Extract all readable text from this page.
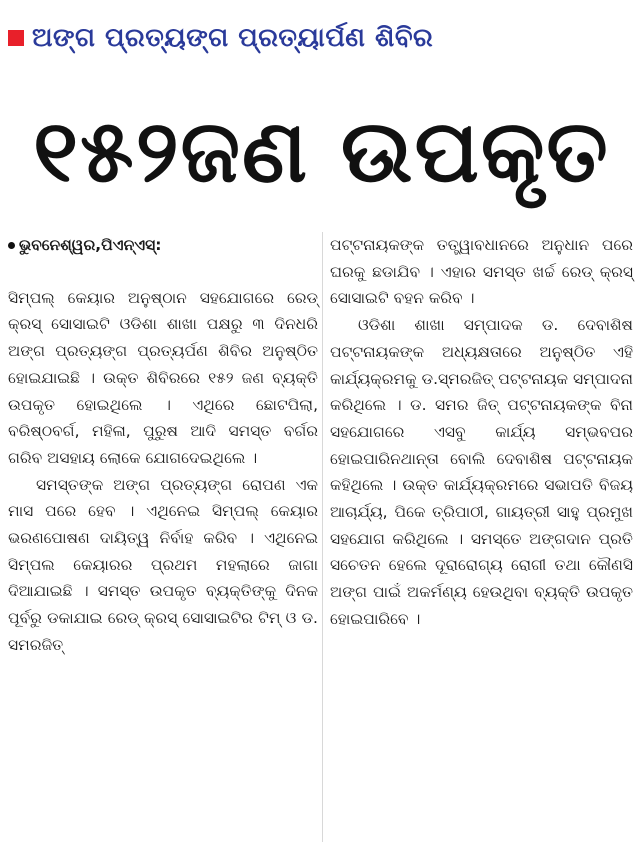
ଅଙ୍ଗ ପ୍ରତ୍ୟଙ୍ଗ ପ୍ରତ୍ୟାର୍ପଣ ଶିବିର
୧୫୨ଜଣ ଉପକୃତ

ଭୁବନେଶ୍ୱର,ପିଏନ୍ଏସ୍:

ସିମ୍ପଲ୍ କେୟାର ଅନୁଷ୍ଠାନ ସହଯୋଗରେ ରେଡ୍ କ୍ରସ୍ ସୋସାଇଟି ଓଡିଶା ଶାଖା ପକ୍ଷରୁ ୩ ଦିନଧରି ଅଙ୍ଗ ପ୍ରତ୍ୟଙ୍ଗ ପ୍ରତ୍ୟର୍ପଣ ଶିବିର ଅନୁଷ୍ଠିତ ହୋଇଯାଇଛି । ଉକ୍ତ ଶିବିରରେ ୧୫୨ ଜଣ ବ୍ୟକ୍ତି ଉପକୃତ ହୋଇଥିଲେ । ଏଥିରେ ଛୋଟପିଲା, ବରିଷ୍ଠବର୍ଗ, ମହିଳା, ପୁରୁଷ ଆଦି ସମସ୍ତ ବର୍ଗର ଗରିବ ଅସହାୟ ଲୋକେ ଯୋଗଦେଇଥିଲେ ।

ସମସ୍ତଙ୍କ ଅଙ୍ଗ ପ୍ରତ୍ୟଙ୍ଗ ରୋପଣ ଏକ ମାସ ପରେ ହେବ । ଏଥିନେଇ ସିମ୍ପଲ୍ କେୟାର ଭରଣପୋଷଣ ଦାୟିତ୍ୱ ନିର୍ବାହ କରିବ । ଏଥିନେଇ ସିମ୍ପଲ କେୟାରର ପ୍ରଥମ ମହଲାରେ ଜାଗା ଦିଆଯାଇଛି । ସମସ୍ତ ଉପକୃତ ବ୍ୟକ୍ତିଙ୍କୁ ଦିନକ ପୂର୍ବରୁ ଡକାଯାଇ ରେଡ୍ କ୍ରସ୍ ସୋସାଇଟିର ଟିମ୍ ଓ ଡ. ସମରଜିତ୍

ପଟ୍ଟନାୟକଙ୍କ ତତ୍ତ୍ୱାବଧାନରେ ଅନୁଧାନ ପରେ ଘରକୁ ଛଡାଯିବ । ଏହାର ସମସ୍ତ ଖର୍ଚ୍ଚ ରେଡ୍ କ୍ରସ୍ ସୋସାଇଟି ବହନ କରିବ ।

ଓଡିଶା ଶାଖା ସମ୍ପାଦକ ଡ. ଦେବାଶିଷ ପଟ୍ଟନାୟକଙ୍କ ଅଧ୍ୟକ୍ଷତାରେ ଅନୁଷ୍ଠିତ ଏହି କାର୍ଯ୍ୟକ୍ରମକୁ ଡ.ସ୍ମରଜିତ୍ ପଟ୍ଟନାୟକ ସମ୍ପାଦନା କରିଥିଲେ । ଡ. ସମର ଜିତ୍ ପଟ୍ଟନାୟକଙ୍କ ବିନା ସହଯୋଗରେ ଏସବୁ କାର୍ଯ୍ୟ ସମ୍ଭବପର ହୋଇପାରିନଥାନ୍ତା ବୋଲି ଦେବାଶିଷ ପଟ୍ଟନାୟକ କହିଥିଲେ । ଉକ୍ତ କାର୍ଯ୍ୟକ୍ରମରେ ସଭାପତି ବିଜୟ ଆଚାର୍ଯ୍ୟ, ପିକେ ତ୍ରିପାଠୀ, ଗାୟତ୍ରୀ ସାହୁ ପ୍ରମୁଖ ସହଯୋଗ କରିଥିଲେ । ସମସ୍ତେ ଅଙ୍ଗଦାନ ପ୍ରତି ସଚେତନ ହେଲେ ଦୂରାରୋଗ୍ୟ ରୋଗୀ ତଥା କୌଣସି ଅଙ୍ଗ ପାଇଁ ଅକର୍ମଣ୍ୟ ହେଉଥିବା ବ୍ୟକ୍ତି ଉପକୃତ ହୋଇପାରିବେ ।
